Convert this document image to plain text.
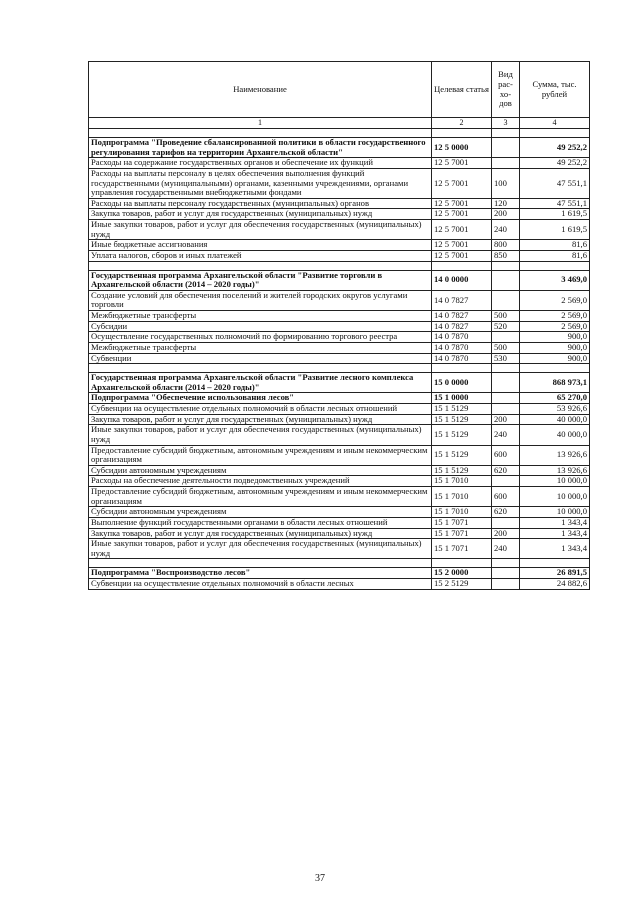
Наименование	Целевая статья	Вид рас- хо- дов	Сумма, тыс. рублей
1	2	3	4

Подпрограмма "Проведение сбалансированной политики в области государственного регулирования тарифов на территории Архангельской области"	12 5 0000		49 252,2
Расходы на содержание государственных органов и обеспечение их функций	12 5 7001		49 252,2
Расходы на выплаты персоналу в целях обеспечения выполнения функций государственными (муниципальными) органами, казенными учреждениями, органами управления государственными внебюджетными фондами	12 5 7001	100	47 551,1
Расходы на выплаты персоналу государственных (муниципальных) органов	12 5 7001	120	47 551,1
Закупка товаров, работ и услуг для государственных (муниципальных) нужд	12 5 7001	200	1 619,5
Иные закупки товаров, работ и услуг для обеспечения государственных (муниципальных) нужд	12 5 7001	240	1 619,5
Иные бюджетные ассигнования	12 5 7001	800	81,6
Уплата налогов, сборов и иных платежей	12 5 7001	850	81,6

Государственная программа Архангельской области "Развитие торговли в Архангельской области (2014 – 2020 годы)"	14 0 0000		3 469,0
Создание условий для обеспечения поселений и жителей городских округов услугами торговли	14 0 7827		2 569,0
Межбюджетные трансферты	14 0 7827	500	2 569,0
Субсидии	14 0 7827	520	2 569,0
Осуществление государственных полномочий по формированию торгового реестра	14 0 7870		900,0
Межбюджетные трансферты	14 0 7870	500	900,0
Субвенции	14 0 7870	530	900,0

Государственная программа Архангельской области "Развитие лесного комплекса Архангельской области (2014 – 2020 годы)"	15 0 0000		868 973,1
Подпрограмма "Обеспечение использования лесов"	15 1 0000		65 270,0
Субвенции на осуществление отдельных полномочий в области лесных отношений	15 1 5129		53 926,6
Закупка товаров, работ и услуг для государственных (муниципальных) нужд	15 1 5129	200	40 000,0
Иные закупки товаров, работ и услуг для обеспечения государственных (муниципальных) нужд	15 1 5129	240	40 000,0
Предоставление субсидий бюджетным, автономным учреждениям и иным некоммерческим организациям	15 1 5129	600	13 926,6
Субсидии автономным учреждениям	15 1 5129	620	13 926,6
Расходы на обеспечение деятельности подведомственных учреждений	15 1 7010		10 000,0
Предоставление субсидий бюджетным, автономным учреждениям и иным некоммерческим организациям	15 1 7010	600	10 000,0
Субсидии автономным учреждениям	15 1 7010	620	10 000,0
Выполнение функций государственными органами в области лесных отношений	15 1 7071		1 343,4
Закупка товаров, работ и услуг для государственных (муниципальных) нужд	15 1 7071	200	1 343,4
Иные закупки товаров, работ и услуг для обеспечения государственных (муниципальных) нужд	15 1 7071	240	1 343,4

Подпрограмма "Воспроизводство лесов"	15 2 0000		26 891,5
Субвенции на осуществление отдельных полномочий в области лесных	15 2 5129		24 882,6
37
